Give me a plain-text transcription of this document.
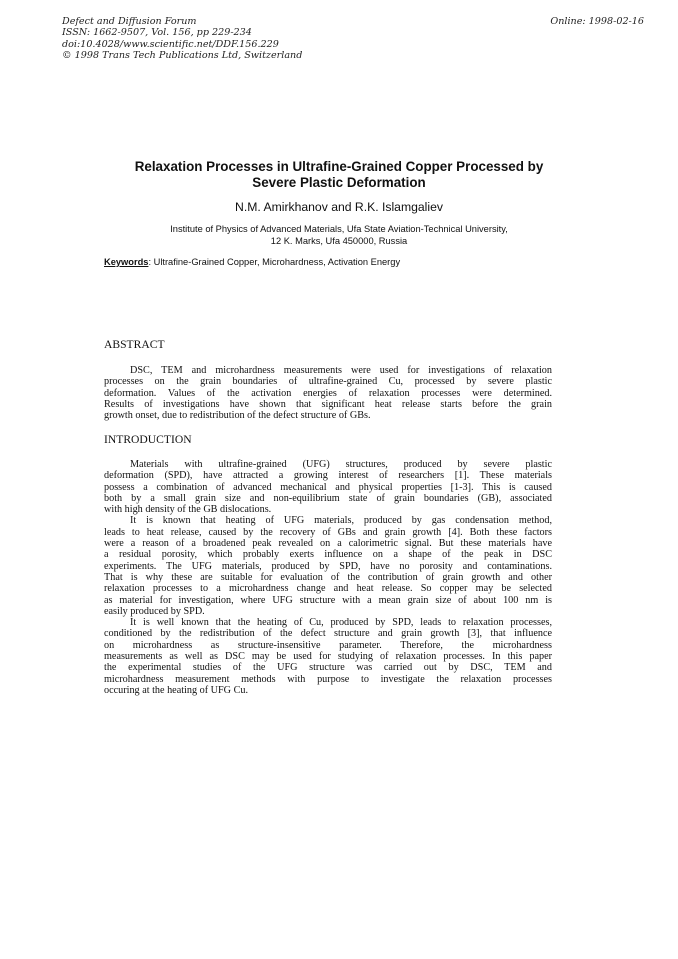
Defect and Diffusion Forum
ISSN: 1662-9507, Vol. 156, pp 229-234
doi:10.4028/www.scientific.net/DDF.156.229
© 1998 Trans Tech Publications Ltd, Switzerland
Online: 1998-02-16
Relaxation Processes in Ultrafine-Grained Copper Processed by
Severe Plastic Deformation
N.M. Amirkhanov and R.K. Islamgaliev
Institute of Physics of Advanced Materials, Ufa State Aviation-Technical University,
12 K. Marks, Ufa 450000, Russia
Keywords: Ultrafine-Grained Copper, Microhardness, Activation Energy
ABSTRACT
DSC, TEM and microhardness measurements were used for investigations of relaxation
processes on the grain boundaries of ultrafine-grained Cu, processed by severe plastic
deformation. Values of the activation energies of relaxation processes were determined.
Results of investigations have shown that significant heat release starts before the grain
growth onset, due to redistribution of the defect structure of GBs.
INTRODUCTION
Materials with ultrafine-grained (UFG) structures, produced by severe plastic
deformation (SPD), have attracted a growing interest of researchers [1]. These materials
possess a combination of advanced mechanical and physical properties [1-3]. This is caused
both by a small grain size and non-equilibrium state of grain boundaries (GB), associated
with high density of the GB dislocations.
It is known that heating of UFG materials, produced by gas condensation method,
leads to heat release, caused by the recovery of GBs and grain growth [4]. Both these factors
were a reason of a broadened peak revealed on a calorimetric signal. But these materials have
a residual porosity, which probably exerts influence on a shape of the peak in DSC
experiments. The UFG materials, produced by SPD, have no porosity and contaminations.
That is why these are suitable for evaluation of the contribution of grain growth and other
relaxation processes to a microhardness change and heat release. So copper may be selected
as material for investigation, where UFG structure with a mean grain size of about 100 nm is
easily produced by SPD.
It is well known that the heating of Cu, produced by SPD, leads to relaxation processes,
conditioned by the redistribution of the defect structure and grain growth [3], that influence
on microhardness as structure-insensitive parameter. Therefore, the microhardness
measurements as well as DSC may be used for studying of relaxation processes. In this paper
the experimental studies of the UFG structure was carried out by DSC, TEM and
microhardness measurement methods with purpose to investigate the relaxation processes
occuring at the heating of UFG Cu.
